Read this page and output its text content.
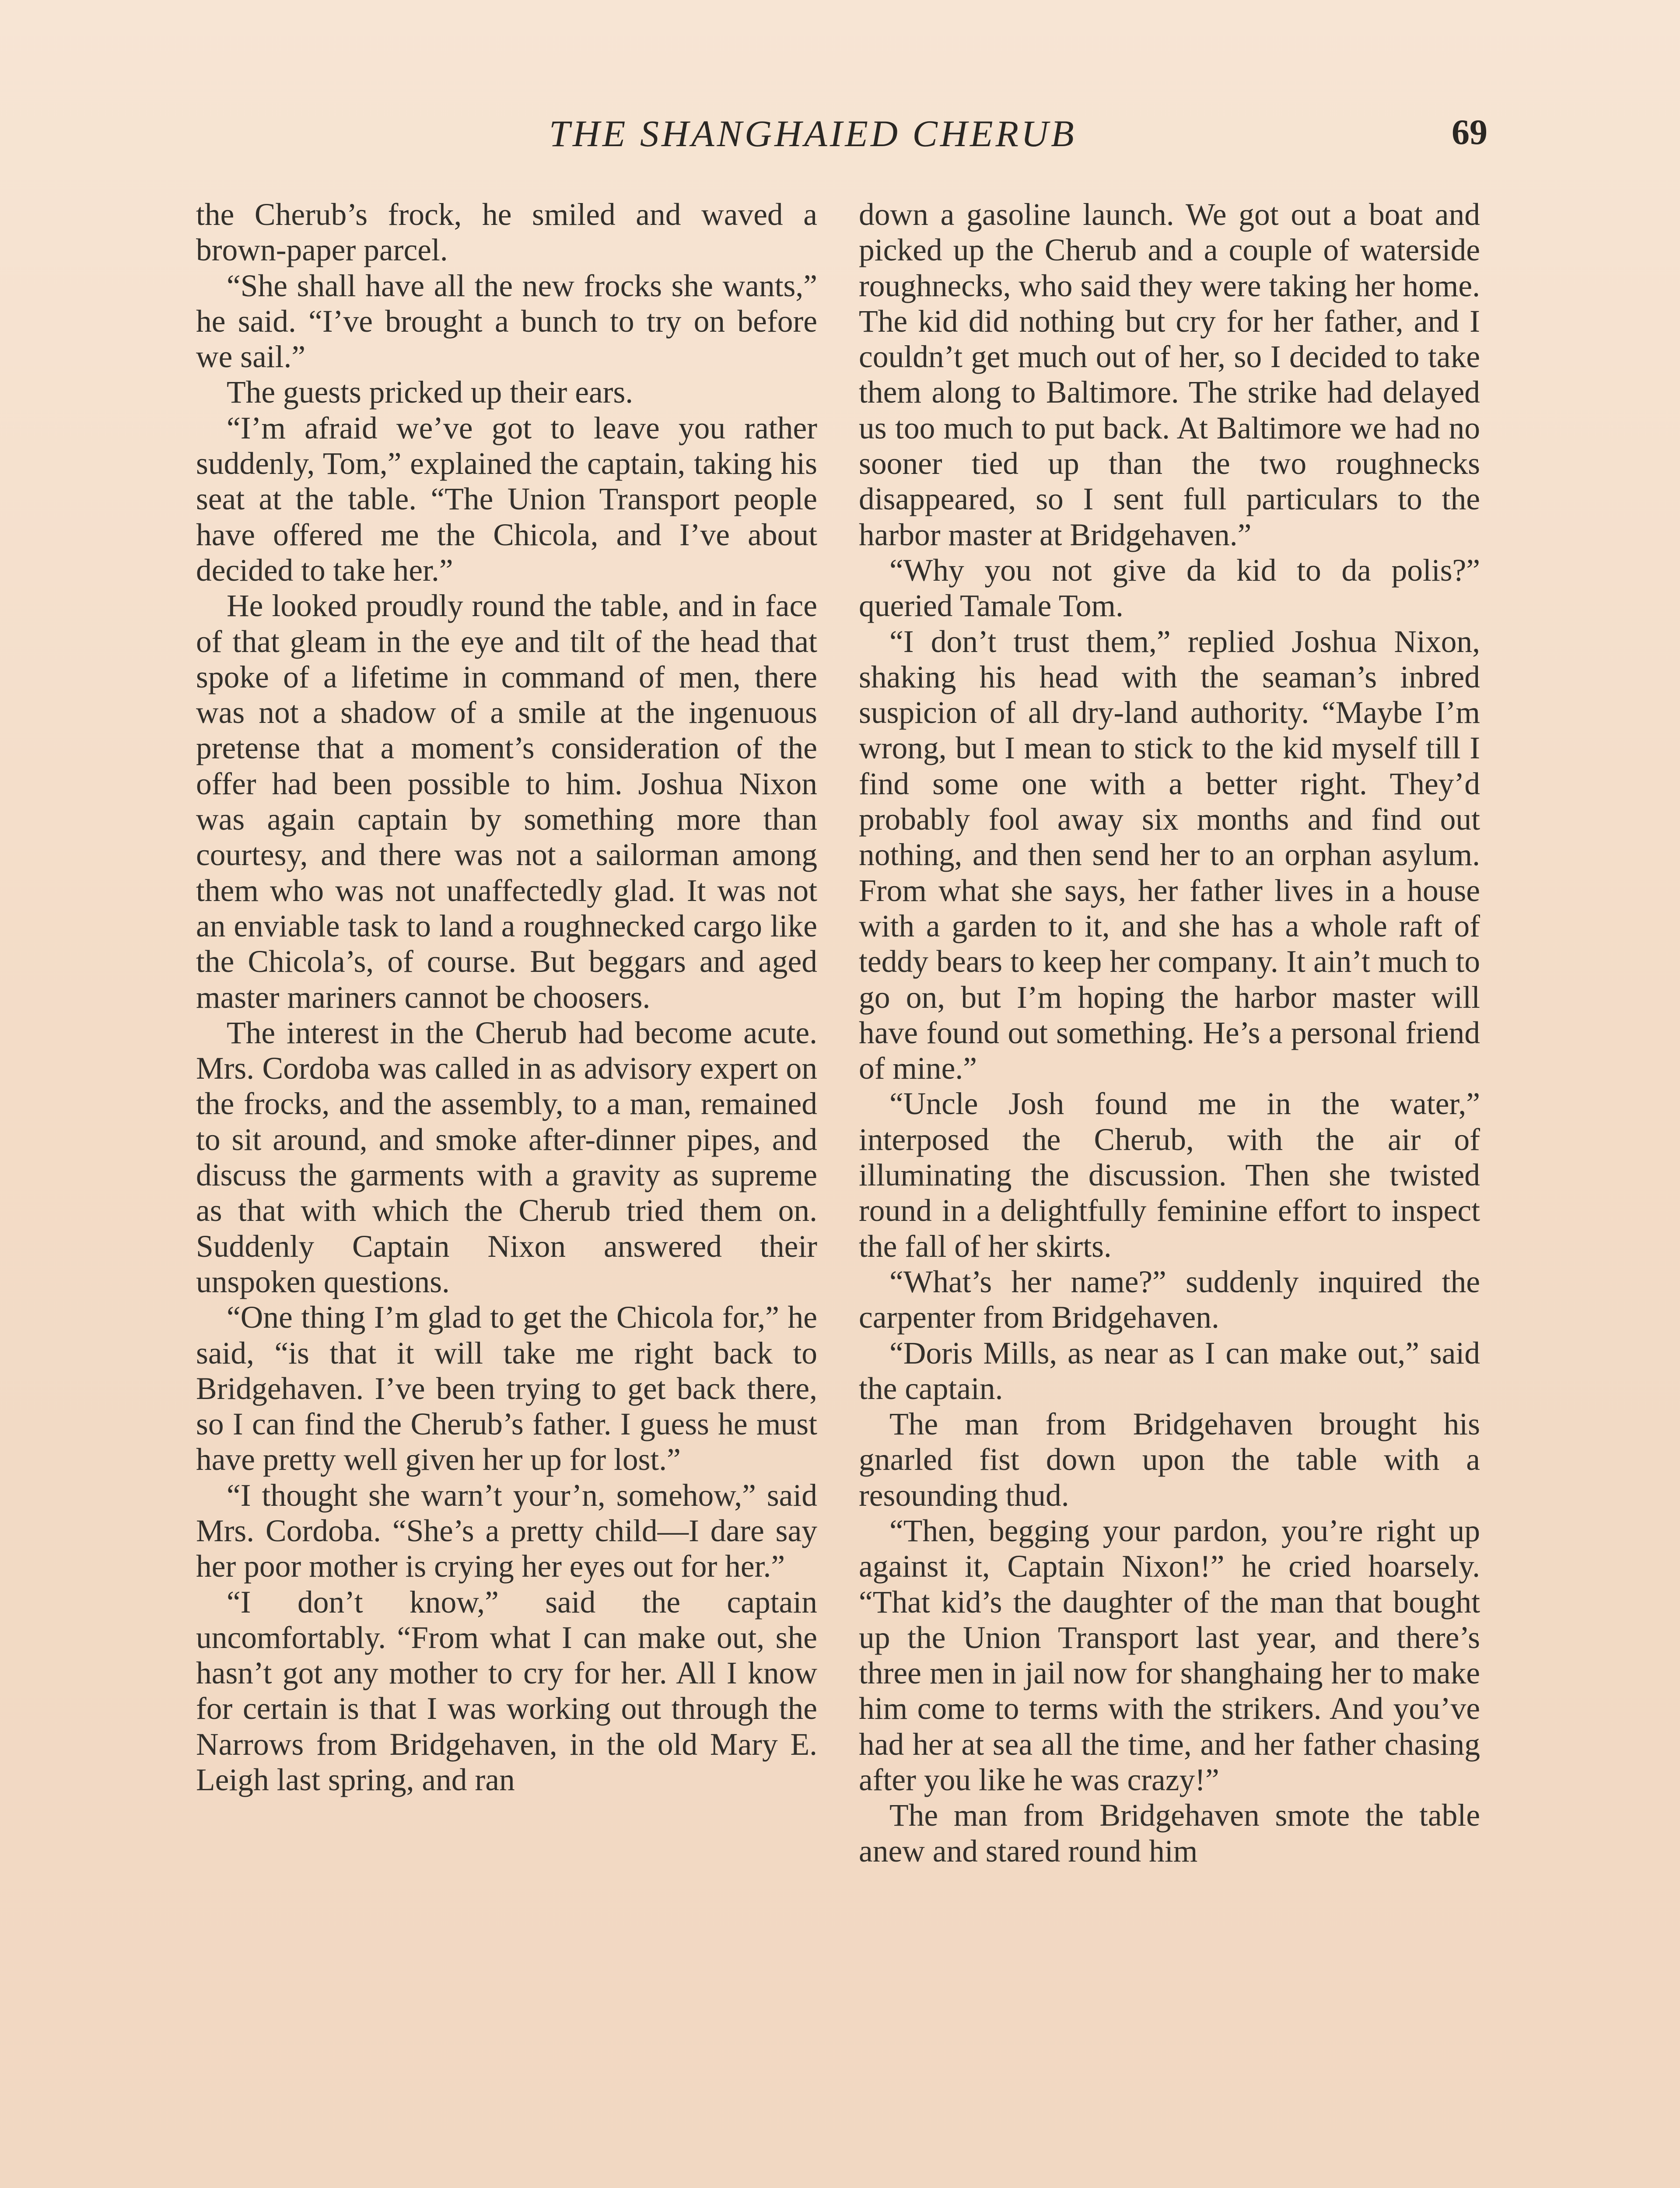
THE SHANGHAIED CHERUB	69

the Cherub’s frock, he smiled and waved a brown-paper parcel.

“She shall have all the new frocks she wants,” he said. “I’ve brought a bunch to try on before we sail.”

The guests pricked up their ears.

“I’m afraid we’ve got to leave you rather suddenly, Tom,” explained the captain, taking his seat at the table. “The Union Transport people have offered me the Chicola, and I’ve about decided to take her.”

He looked proudly round the table, and in face of that gleam in the eye and tilt of the head that spoke of a lifetime in command of men, there was not a shadow of a smile at the ingenuous pretense that a moment’s consideration of the offer had been possible to him. Joshua Nixon was again captain by something more than courtesy, and there was not a sailorman among them who was not unaffectedly glad. It was not an enviable task to land a roughnecked cargo like the Chicola’s, of course. But beggars and aged master mariners cannot be choosers.

The interest in the Cherub had become acute. Mrs. Cordoba was called in as advisory expert on the frocks, and the assembly, to a man, remained to sit around, and smoke after-dinner pipes, and discuss the garments with a gravity as supreme as that with which the Cherub tried them on. Suddenly Captain Nixon answered their unspoken questions.

“One thing I’m glad to get the Chicola for,” he said, “is that it will take me right back to Bridgehaven. I’ve been trying to get back there, so I can find the Cherub’s father. I guess he must have pretty well given her up for lost.”

“I thought she warn’t your’n, somehow,” said Mrs. Cordoba. “She’s a pretty child—I dare say her poor mother is crying her eyes out for her.”

“I don’t know,” said the captain uncomfortably. “From what I can make out, she hasn’t got any mother to cry for her. All I know for certain is that I was working out through the Narrows from Bridgehaven, in the old Mary E. Leigh last spring, and ran

down a gasoline launch. We got out a boat and picked up the Cherub and a couple of waterside roughnecks, who said they were taking her home. The kid did nothing but cry for her father, and I couldn’t get much out of her, so I decided to take them along to Baltimore. The strike had delayed us too much to put back. At Baltimore we had no sooner tied up than the two roughnecks disappeared, so I sent full particulars to the harbor master at Bridgehaven.”

“Why you not give da kid to da polis?” queried Tamale Tom.

“I don’t trust them,” replied Joshua Nixon, shaking his head with the seaman’s inbred suspicion of all dry-land authority. “Maybe I’m wrong, but I mean to stick to the kid myself till I find some one with a better right. They’d probably fool away six months and find out nothing, and then send her to an orphan asylum. From what she says, her father lives in a house with a garden to it, and she has a whole raft of teddy bears to keep her company. It ain’t much to go on, but I’m hoping the harbor master will have found out something. He’s a personal friend of mine.”

“Uncle Josh found me in the water,” interposed the Cherub, with the air of illuminating the discussion. Then she twisted round in a delightfully feminine effort to inspect the fall of her skirts.

“What’s her name?” suddenly inquired the carpenter from Bridgehaven.

“Doris Mills, as near as I can make out,” said the captain.

The man from Bridgehaven brought his gnarled fist down upon the table with a resounding thud.

“Then, begging your pardon, you’re right up against it, Captain Nixon!” he cried hoarsely. “That kid’s the daughter of the man that bought up the Union Transport last year, and there’s three men in jail now for shanghaing her to make him come to terms with the strikers. And you’ve had her at sea all the time, and her father chasing after you like he was crazy!”

The man from Bridgehaven smote the table anew and stared round him
